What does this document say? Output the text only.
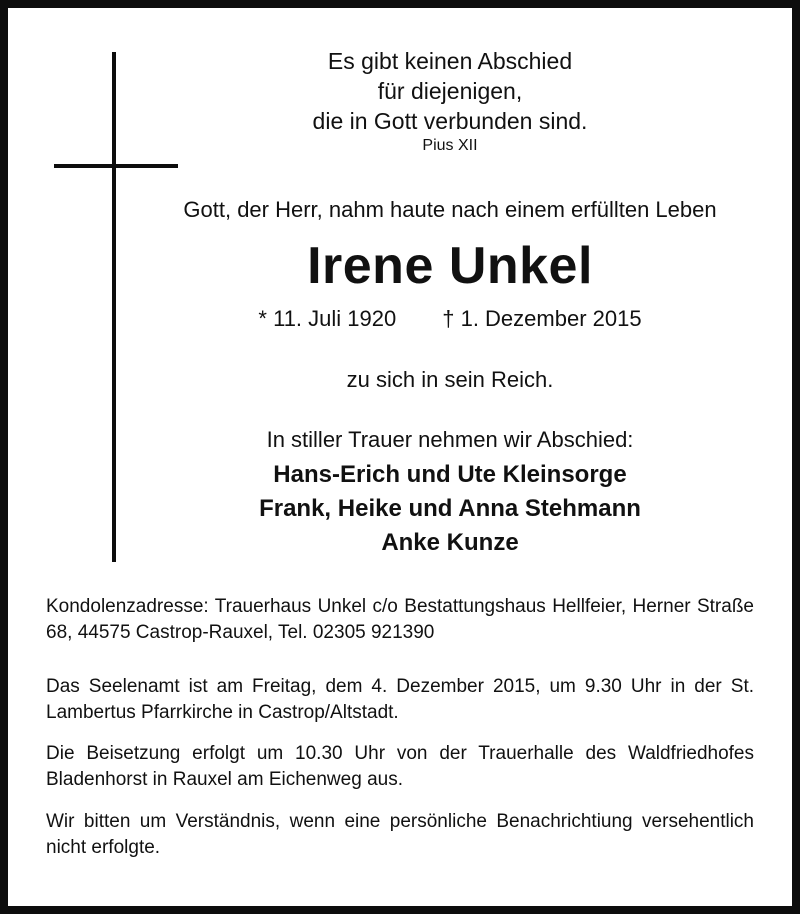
Es gibt keinen Abschied
für diejenigen,
die in Gott verbunden sind.
Pius XII
Gott, der Herr, nahm haute nach einem erfüllten Leben
Irene Unkel
* 11. Juli 1920 † 1. Dezember 2015
zu sich in sein Reich.
In stiller Trauer nehmen wir Abschied:
Hans-Erich und Ute Kleinsorge
Frank, Heike und Anna Stehmann
Anke Kunze

Kondolenzadresse: Trauerhaus Unkel c/o Bestattungshaus Hellfeier, Herner Straße 68, 44575 Castrop-Rauxel, Tel. 02305 921390

Das Seelenamt ist am Freitag, dem 4. Dezember 2015, um 9.30 Uhr in der St. Lambertus Pfarrkirche in Castrop/Altstadt.

Die Beisetzung erfolgt um 10.30 Uhr von der Trauerhalle des Waldfriedhofes Bladenhorst in Rauxel am Eichenweg aus.

Wir bitten um Verständnis, wenn eine persönliche Benachrichtiung versehentlich nicht erfolgte.
